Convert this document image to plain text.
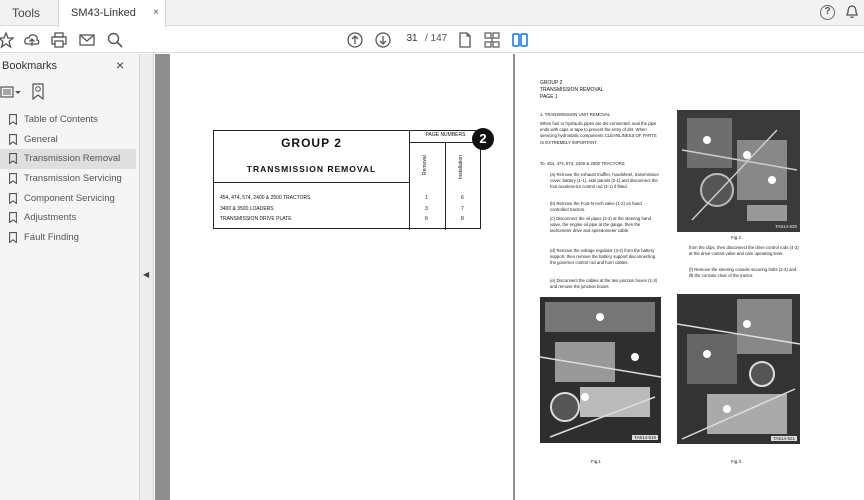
Tools	SM43-Linked ×	?
31 / 147
Bookmarks	×
Table of Contents
General
Transmission Removal
Transmission Servicing
Component Servicing
Adjustments
Fault Finding
◀
GROUP 2
TRANSMISSION REMOVAL
PAGE NUMBERS
Removal	Installation
454, 474, 574, 2400 & 2500 TRACTORS	1	6
3400 & 3500 LOADERS	3	7
TRANSMISSION DRIVE PLATE	6	8
2
GROUP 2
TRANSMISSION REMOVAL
PAGE 1
1. TRANSMISSION UNIT REMOVAL
When fuel or hydraulic pipes are dis-connected, seal the pipe ends with caps or tape to prevent the entry of dirt. When servicing hydrostatic components CLEANLINESS OF PARTS IS EXTREMELY IMPORTANT.
To. 454, 474, 574, 2400 & 2500 TRACTORS
(a) Remove the exhaust muffler, hoodsheet, transmission cover, battery (1-1), side panels (2-1) and disconnect the foot accelera-tor control rod (3-1) if fitted.
(b) Remove the Foot-N-Inch valve (1-2) on hand controlled tractors.
(c) Disconnect the oil pipes (2-2) at the steering hand valve, the engine oil pipe at the gauge, then the tachometer drive and speedometer cable.
(d) Remove the voltage regulator (3-2) from the battery support, then remove the battery support disconnecting the governor control rod and horn cables.
(e) Disconnect the cables at the two junction boxes (1-3) and remove the junction boxes
from the clips, then disconnect the drive control rods (4-3) at the drive control valve and cam operating lever.
(f) Remove the steering console securing bolts (2-3) and lift the console clear of the tractor.
TA514-520
Fig.2
TA514-515
Fig.1
TA514-521
Fig.3
